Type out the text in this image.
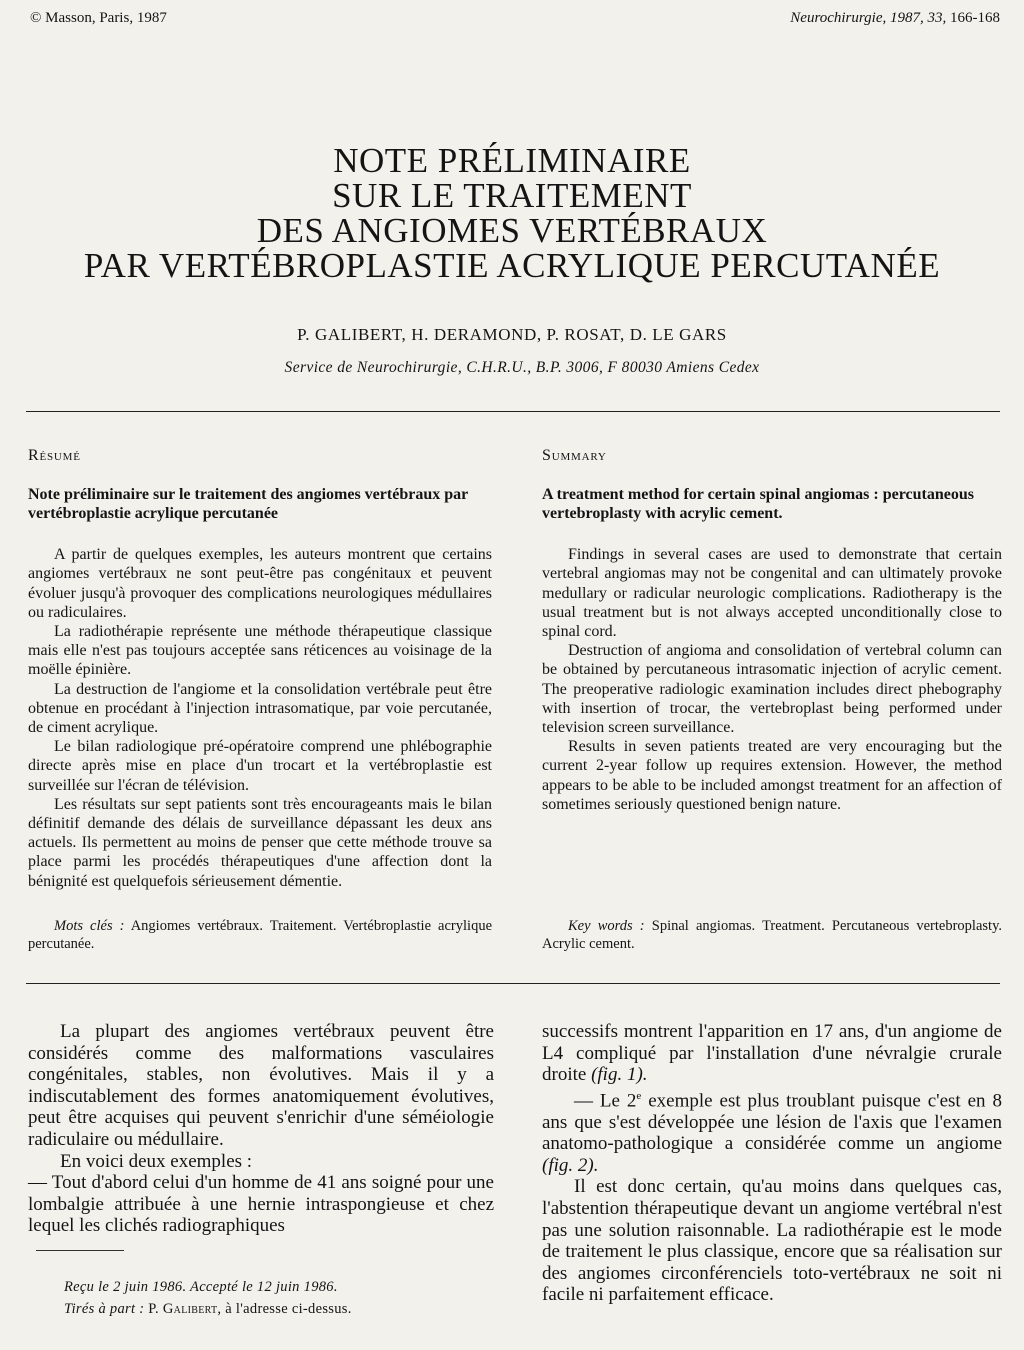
© Masson, Paris, 1987	Neurochirurgie, 1987, 33, 166-168
NOTE PRÉLIMINAIRE
SUR LE TRAITEMENT
DES ANGIOMES VERTÉBRAUX
PAR VERTÉBROPLASTIE ACRYLIQUE PERCUTANÉE
P. GALIBERT, H. DERAMOND, P. ROSAT, D. LE GARS
Service de Neurochirurgie, C.H.R.U., B.P. 3006, F 80030 Amiens Cedex
Résumé
Note préliminaire sur le traitement des angiomes vertébraux par vertébroplastie acrylique percutanée

A partir de quelques exemples, les auteurs montrent que certains angiomes vertébraux ne sont peut-être pas congénitaux et peuvent évoluer jusqu'à provoquer des complications neurologiques médullaires ou radiculaires.

La radiothérapie représente une méthode thérapeutique classique mais elle n'est pas toujours acceptée sans réticences au voisinage de la moëlle épinière.

La destruction de l'angiome et la consolidation vertébrale peut être obtenue en procédant à l'injection intrasomatique, par voie percutanée, de ciment acrylique.

Le bilan radiologique pré-opératoire comprend une phlébographie directe après mise en place d'un trocart et la vertébroplastie est surveillée sur l'écran de télévision.

Les résultats sur sept patients sont très encourageants mais le bilan définitif demande des délais de surveillance dépassant les deux ans actuels. Ils permettent au moins de penser que cette méthode trouve sa place parmi les procédés thérapeutiques d'une affection dont la bénignité est quelquefois sérieusement démentie.

Mots clés : Angiomes vertébraux. Traitement. Vertébroplastie acrylique percutanée.

Summary
A treatment method for certain spinal angiomas : percutaneous vertebroplasty with acrylic cement.

Findings in several cases are used to demonstrate that certain vertebral angiomas may not be congenital and can ultimately provoke medullary or radicular neurologic complications. Radiotherapy is the usual treatment but is not always accepted unconditionally close to spinal cord.

Destruction of angioma and consolidation of vertebral column can be obtained by percutaneous intrasomatic injection of acrylic cement. The preoperative radiologic examination includes direct phebography with insertion of trocar, the vertebroplast being performed under television screen surveillance.

Results in seven patients treated are very encouraging but the current 2-year follow up requires extension. However, the method appears to be able to be included amongst treatment for an affection of sometimes seriously questioned benign nature.

Key words : Spinal angiomas. Treatment. Percutaneous vertebroplasty. Acrylic cement.

La plupart des angiomes vertébraux peuvent être considérés comme des malformations vasculaires congénitales, stables, non évolutives. Mais il y a indiscutablement des formes anatomiquement évolutives, peut être acquises qui peuvent s'enrichir d'une séméiologie radiculaire ou médullaire.

En voici deux exemples :

— Tout d'abord celui d'un homme de 41 ans soigné pour une lombalgie attribuée à une hernie intraspongieuse et chez lequel les clichés radiographiques

successifs montrent l'apparition en 17 ans, d'un angiome de L4 compliqué par l'installation d'une névralgie crurale droite (fig. 1).

— Le 2e exemple est plus troublant puisque c'est en 8 ans que s'est développée une lésion de l'axis que l'examen anatomo-pathologique a considérée comme un angiome (fig. 2).

Il est donc certain, qu'au moins dans quelques cas, l'abstention thérapeutique devant un angiome vertébral n'est pas une solution raisonnable. La radiothérapie est le mode de traitement le plus classique, encore que sa réalisation sur des angiomes circonférenciels toto-vertébraux ne soit ni facile ni parfaitement efficace.

Reçu le 2 juin 1986. Accepté le 12 juin 1986.
Tirés à part : P. Galibert, à l'adresse ci-dessus.
